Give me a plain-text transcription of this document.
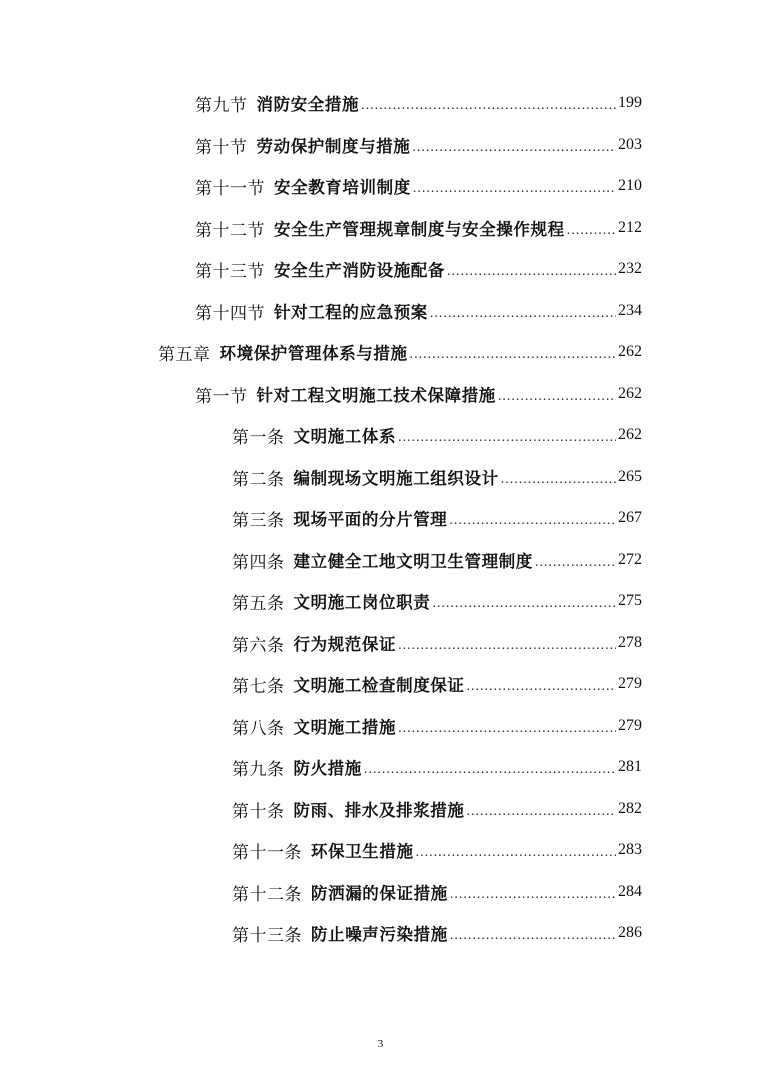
第九节 消防安全措施 .....	199
第十节 劳动保护制度与措施 .....	203
第十一节 安全教育培训制度 .....	210
第十二节 安全生产管理规章制度与安全操作规程 .....	212
第十三节 安全生产消防设施配备 .....	232
第十四节 针对工程的应急预案 .....	234
第五章 环境保护管理体系与措施 .....	262
第一节 针对工程文明施工技术保障措施 .....	262
第一条 文明施工体系 .....	262
第二条 编制现场文明施工组织设计 .....	265
第三条 现场平面的分片管理 .....	267
第四条 建立健全工地文明卫生管理制度 .....	272
第五条 文明施工岗位职责 .....	275
第六条 行为规范保证 .....	278
第七条 文明施工检查制度保证 .....	279
第八条 文明施工措施 .....	279
第九条 防火措施 .....	281
第十条 防雨、排水及排浆措施 .....	282
第十一条 环保卫生措施 .....	283
第十二条 防洒漏的保证措施 .....	284
第十三条 防止噪声污染措施 .....	286
3
